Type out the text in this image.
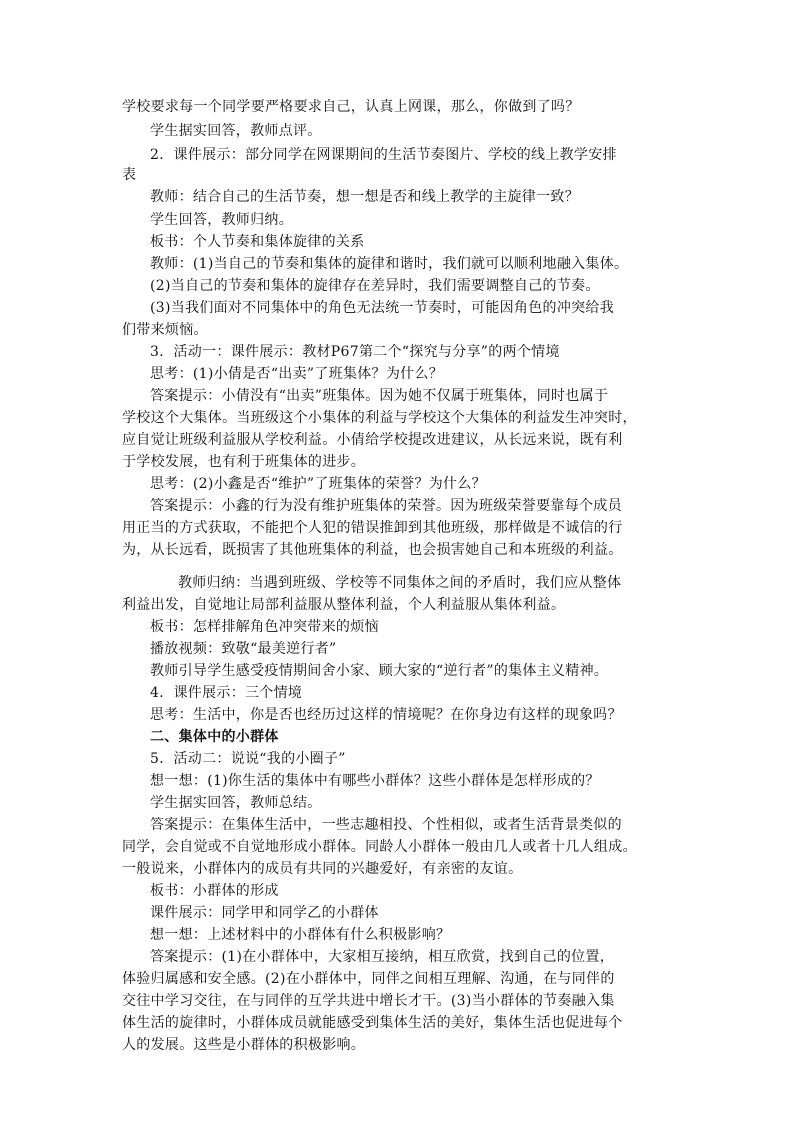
学校要求每一个同学要严格要求自己，认真上网课，那么，你做到了吗？
学生据实回答，教师点评。
2．课件展示：部分同学在网课期间的生活节奏图片、学校的线上教学安排
表
教师：结合自己的生活节奏，想一想是否和线上教学的主旋律一致？
学生回答，教师归纳。
板书：个人节奏和集体旋律的关系
教师：(1)当自己的节奏和集体的旋律和谐时，我们就可以顺利地融入集体。
(2)当自己的节奏和集体的旋律存在差异时，我们需要调整自己的节奏。
(3)当我们面对不同集体中的角色无法统一节奏时，可能因角色的冲突给我
们带来烦恼。
3．活动一：课件展示：教材P67第二个“探究与分享”的两个情境
思考：(1)小倩是否“出卖”了班集体？为什么？
答案提示：小倩没有“出卖”班集体。因为她不仅属于班集体，同时也属于
学校这个大集体。当班级这个小集体的利益与学校这个大集体的利益发生冲突时，
应自觉让班级利益服从学校利益。小倩给学校提改进建议，从长远来说，既有利
于学校发展，也有利于班集体的进步。
思考：(2)小鑫是否“维护”了班集体的荣誉？为什么？
答案提示：小鑫的行为没有维护班集体的荣誉。因为班级荣誉要靠每个成员
用正当的方式获取，不能把个人犯的错误推卸到其他班级，那样做是不诚信的行
为，从长远看，既损害了其他班集体的利益，也会损害她自己和本班级的利益。
教师归纳：当遇到班级、学校等不同集体之间的矛盾时，我们应从整体
利益出发，自觉地让局部利益服从整体利益，个人利益服从集体利益。
板书：怎样排解角色冲突带来的烦恼
播放视频：致敬“最美逆行者”
教师引导学生感受疫情期间舍小家、顾大家的“逆行者”的集体主义精神。
4．课件展示：三个情境
思考：生活中，你是否也经历过这样的情境呢？在你身边有这样的现象吗？
二、集体中的小群体
5．活动二：说说“我的小圈子”
想一想：(1)你生活的集体中有哪些小群体？这些小群体是怎样形成的？
学生据实回答，教师总结。
答案提示：在集体生活中，一些志趣相投、个性相似，或者生活背景类似的
同学，会自觉或不自觉地形成小群体。同龄人小群体一般由几人或者十几人组成。
一般说来，小群体内的成员有共同的兴趣爱好，有亲密的友谊。
板书：小群体的形成
课件展示：同学甲和同学乙的小群体
想一想：上述材料中的小群体有什么积极影响？
答案提示：(1)在小群体中，大家相互接纳，相互欣赏，找到自己的位置，
体验归属感和安全感。(2)在小群体中，同伴之间相互理解、沟通，在与同伴的
交往中学习交往，在与同伴的互学共进中增长才干。(3)当小群体的节奏融入集
体生活的旋律时，小群体成员就能感受到集体生活的美好，集体生活也促进每个
人的发展。这些是小群体的积极影响。
